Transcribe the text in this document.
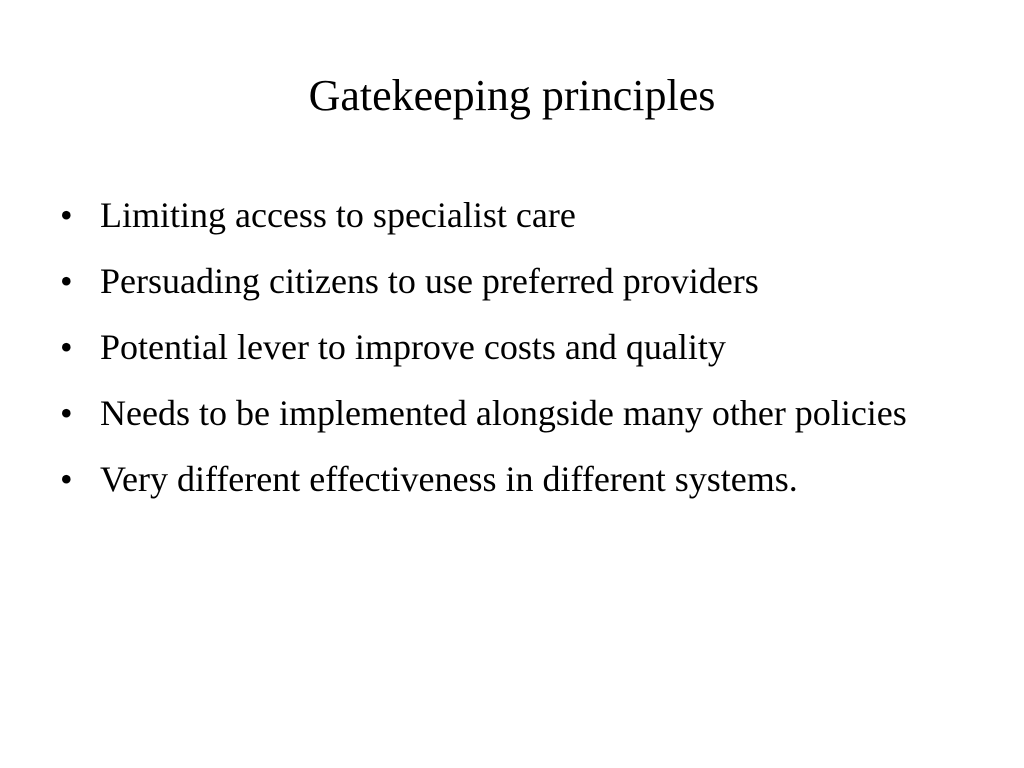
Gatekeeping principles
• Limiting access to specialist care
• Persuading citizens to use preferred providers
• Potential lever to improve costs and quality
• Needs to be implemented alongside many other policies
• Very different effectiveness in different systems.
